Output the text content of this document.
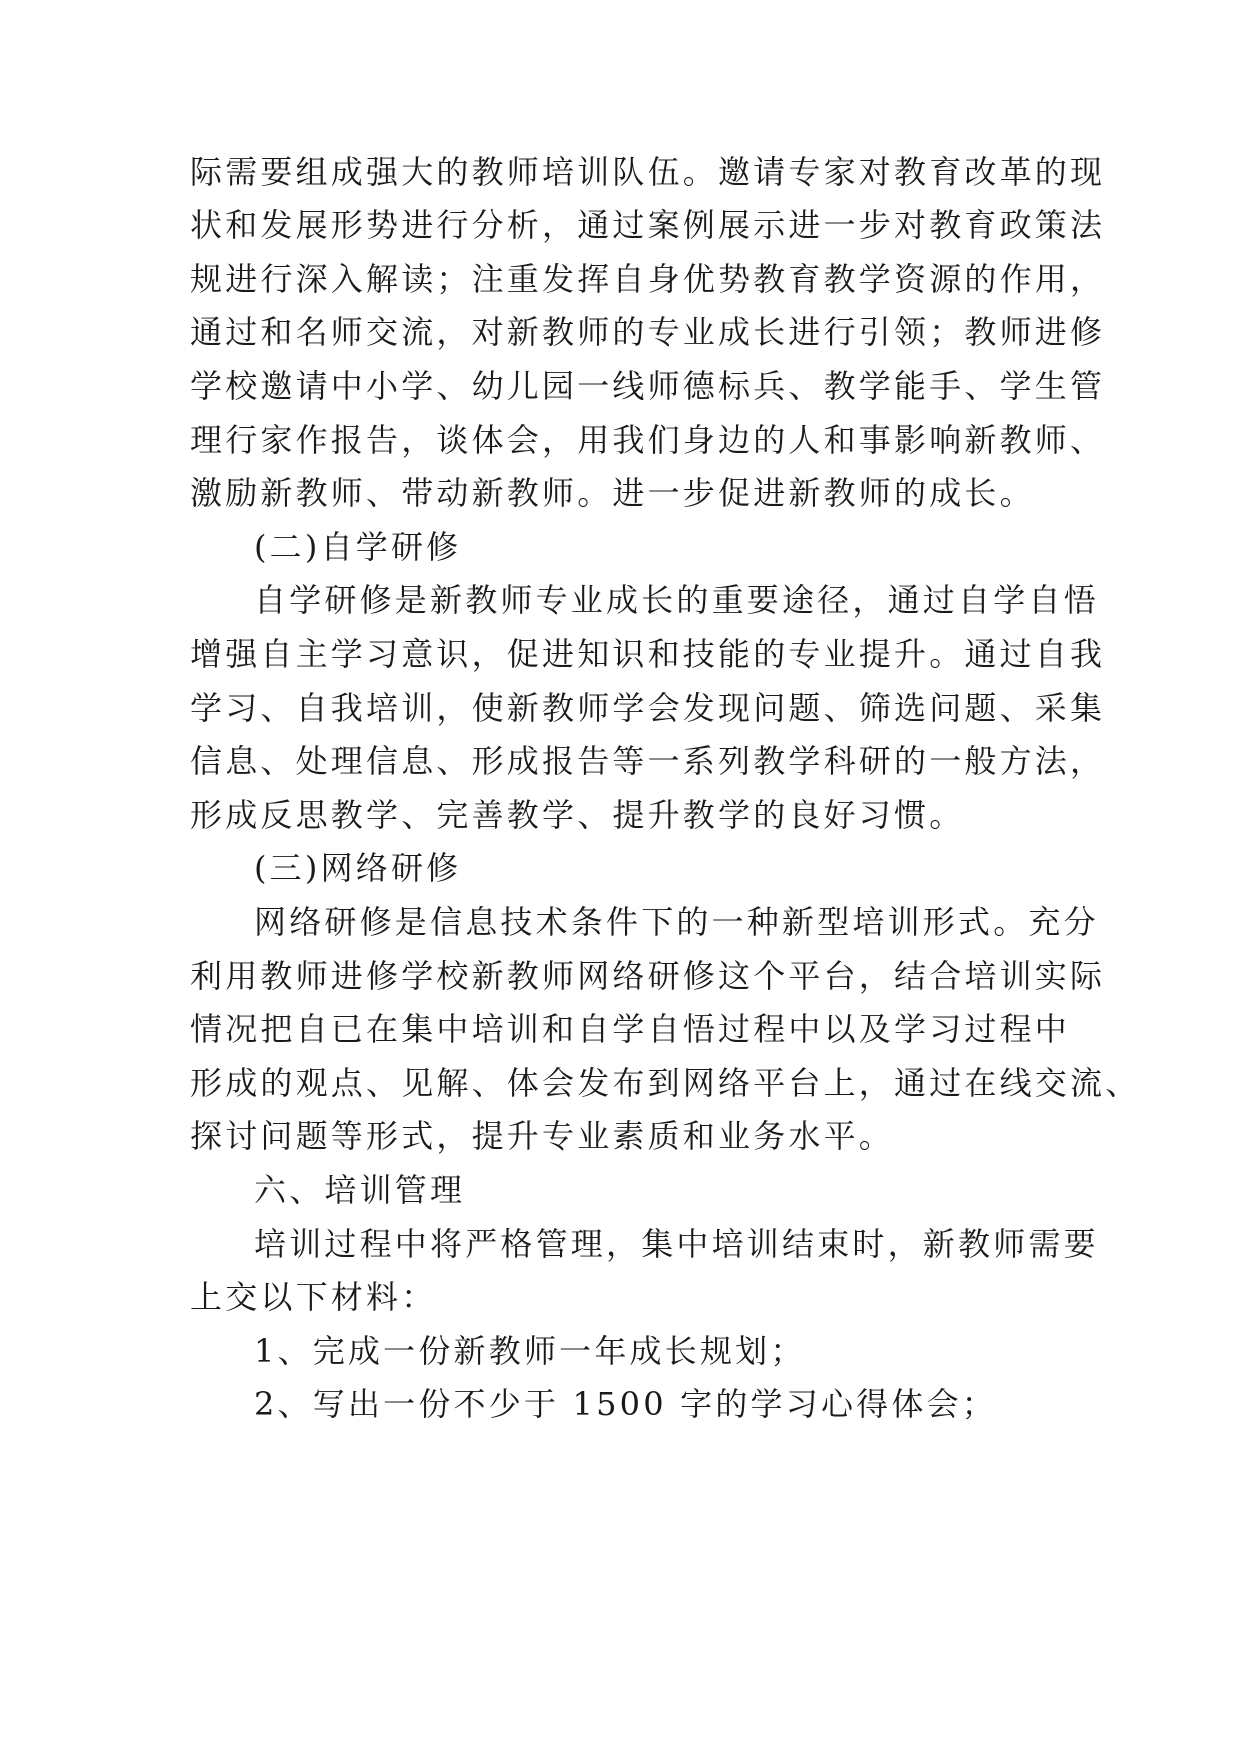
际需要组成强大的教师培训队伍。邀请专家对教育改革的现
状和发展形势进行分析，通过案例展示进一步对教育政策法
规进行深入解读；注重发挥自身优势教育教学资源的作用，
通过和名师交流，对新教师的专业成长进行引领；教师进修
学校邀请中小学、幼儿园一线师德标兵、教学能手、学生管
理行家作报告，谈体会，用我们身边的人和事影响新教师、
激励新教师、带动新教师。进一步促进新教师的成长。
(二)自学研修
自学研修是新教师专业成长的重要途径，通过自学自悟
增强自主学习意识，促进知识和技能的专业提升。通过自我
学习、自我培训，使新教师学会发现问题、筛选问题、采集
信息、处理信息、形成报告等一系列教学科研的一般方法，
形成反思教学、完善教学、提升教学的良好习惯。
(三)网络研修
网络研修是信息技术条件下的一种新型培训形式。充分
利用教师进修学校新教师网络研修这个平台，结合培训实际
情况把自已在集中培训和自学自悟过程中以及学习过程中
形成的观点、见解、体会发布到网络平台上，通过在线交流、
探讨问题等形式，提升专业素质和业务水平。
六、培训管理
培训过程中将严格管理，集中培训结束时，新教师需要
上交以下材料：
1、完成一份新教师一年成长规划；
2、写出一份不少于 1500 字的学习心得体会；
